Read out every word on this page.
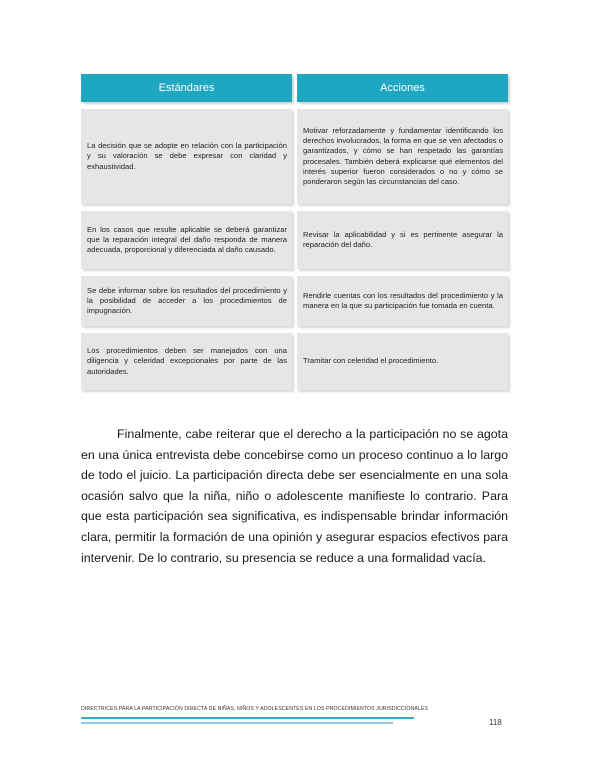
Estándares	Acciones
La decisión que se adopte en relación con la participación y su valoración se debe expresar con claridad y exhaustividad.
Motivar reforzadamente y fundamentar identificando los derechos involucrados, la forma en que se ven afectados o garantizados, y cómo se han respetado las garantías procesales. También deberá explicarse qué elementos del interés superior fueron considerados o no y cómo se ponderaron según las circunstancias del caso.
En los casos que resulte aplicable se deberá garantizar que la reparación integral del daño responda de manera adecuada, proporcional y diferenciada al daño causado.
Revisar la aplicabilidad y si es pertinente asegurar la reparación del daño.
Se debe informar sobre los resultados del procedimiento y la posibilidad de acceder a los procedimientos de impugnación.
Rendirle cuentas con los resultados del procedimiento y la manera en la que su participación fue tomada en cuenta.
Los procedimientos deben ser manejados con una diligencia y celeridad excepcionales por parte de las autoridades.
Tramitar con celeridad el procedimiento.

Finalmente, cabe reiterar que el derecho a la participación no se agota en una única entrevista debe concebirse como un proceso continuo a lo largo de todo el juicio. La participación directa debe ser esencialmente en una sola ocasión salvo que la niña, niño o adolescente manifieste lo contrario. Para que esta participación sea significativa, es indispensable brindar información clara, permitir la formación de una opinión y asegurar espacios efectivos para intervenir. De lo contrario, su presencia se reduce a una formalidad vacía.

DIRECTRICES PARA LA PARTICIPACIÓN DIRECTA DE NIÑAS, NIÑOS Y ADOLESCENTES EN LOS PROCEDIMIENTOS JURISDICCIONALES
118
